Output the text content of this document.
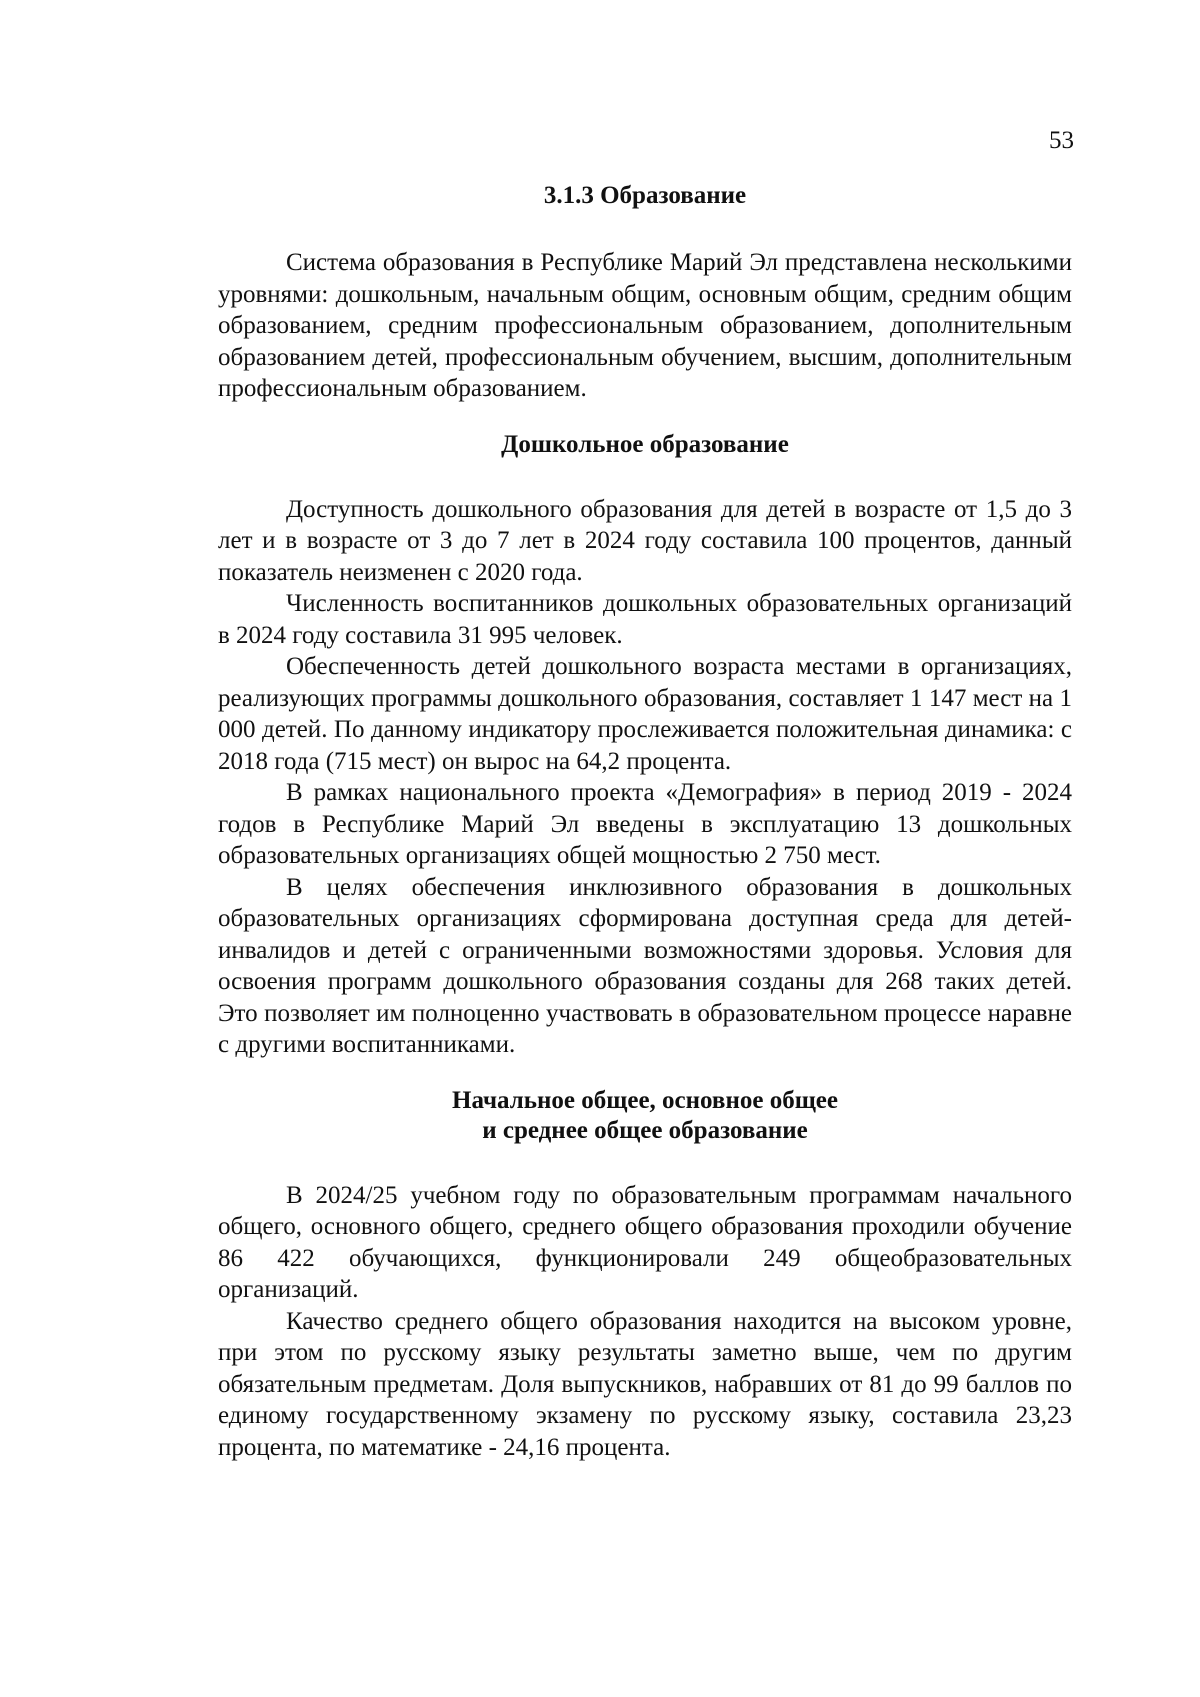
53
3.1.3 Образование

Система образования в Республике Марий Эл представлена несколькими уровнями: дошкольным, начальным общим, основным общим, средним общим образованием, средним профессиональным образованием, дополнительным образованием детей, профессиональным обучением, высшим, дополнительным профессиональным образованием.

Дошкольное образование

Доступность дошкольного образования для детей в возрасте от 1,5 до 3 лет и в возрасте от 3 до 7 лет в 2024 году составила 100 процентов, данный показатель неизменен с 2020 года.

Численность воспитанников дошкольных образовательных организаций в 2024 году составила 31 995 человек.

Обеспеченность детей дошкольного возраста местами в организациях, реализующих программы дошкольного образования, составляет 1 147 мест на 1 000 детей. По данному индикатору прослеживается положительная динамика: с 2018 года (715 мест) он вырос на 64,2 процента.

В рамках национального проекта «Демография» в период 2019 - 2024 годов в Республике Марий Эл введены в эксплуатацию 13 дошкольных образовательных организациях общей мощностью 2 750 мест.

В целях обеспечения инклюзивного образования в дошкольных образовательных организациях сформирована доступная среда для детей-инвалидов и детей с ограниченными возможностями здоровья. Условия для освоения программ дошкольного образования созданы для 268 таких детей. Это позволяет им полноценно участвовать в образовательном процессе наравне с другими воспитанниками.

Начальное общее, основное общее
и среднее общее образование

В 2024/25 учебном году по образовательным программам начального общего, основного общего, среднего общего образования проходили обучение 86 422 обучающихся, функционировали 249 общеобразовательных организаций.

Качество среднего общего образования находится на высоком уровне, при этом по русскому языку результаты заметно выше, чем по другим обязательным предметам. Доля выпускников, набравших от 81 до 99 баллов по единому государственному экзамену по русскому языку, составила 23,23 процента, по математике - 24,16 процента.
